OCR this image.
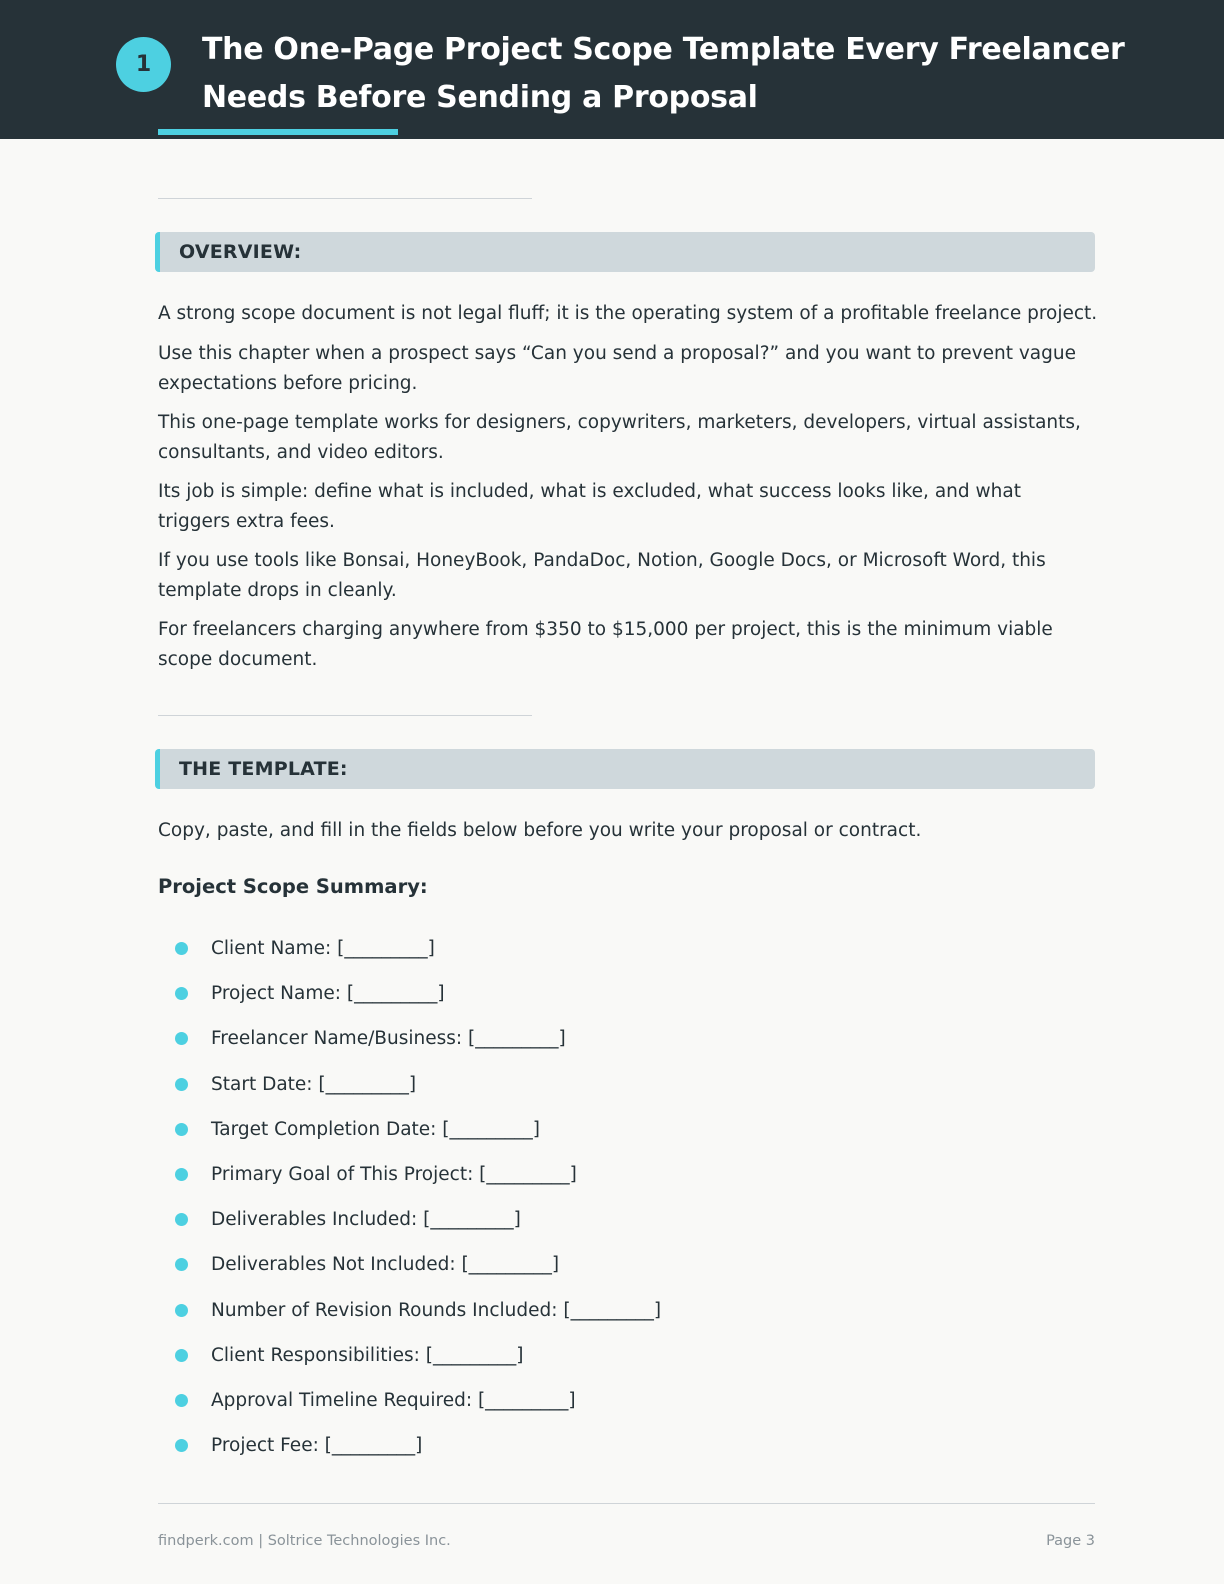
1	The One-Page Project Scope Template Every Freelancer Needs Before Sending a Proposal
OVERVIEW:

A strong scope document is not legal fluff; it is the operating system of a profitable freelance project.

Use this chapter when a prospect says “Can you send a proposal?” and you want to prevent vague expectations before pricing.

This one-page template works for designers, copywriters, marketers, developers, virtual assistants, consultants, and video editors.

Its job is simple: define what is included, what is excluded, what success looks like, and what triggers extra fees.

If you use tools like Bonsai, HoneyBook, PandaDoc, Notion, Google Docs, or Microsoft Word, this template drops in cleanly.

For freelancers charging anywhere from $350 to $15,000 per project, this is the minimum viable scope document.

THE TEMPLATE:

Copy, paste, and fill in the fields below before you write your proposal or contract.

Project Scope Summary:
Client Name: [_________]
Project Name: [_________]
Freelancer Name/Business: [_________]
Start Date: [_________]
Target Completion Date: [_________]
Primary Goal of This Project: [_________]
Deliverables Included: [_________]
Deliverables Not Included: [_________]
Number of Revision Rounds Included: [_________]
Client Responsibilities: [_________]
Approval Timeline Required: [_________]
Project Fee: [_________]
findperk.com | Soltrice Technologies Inc.	Page 3
